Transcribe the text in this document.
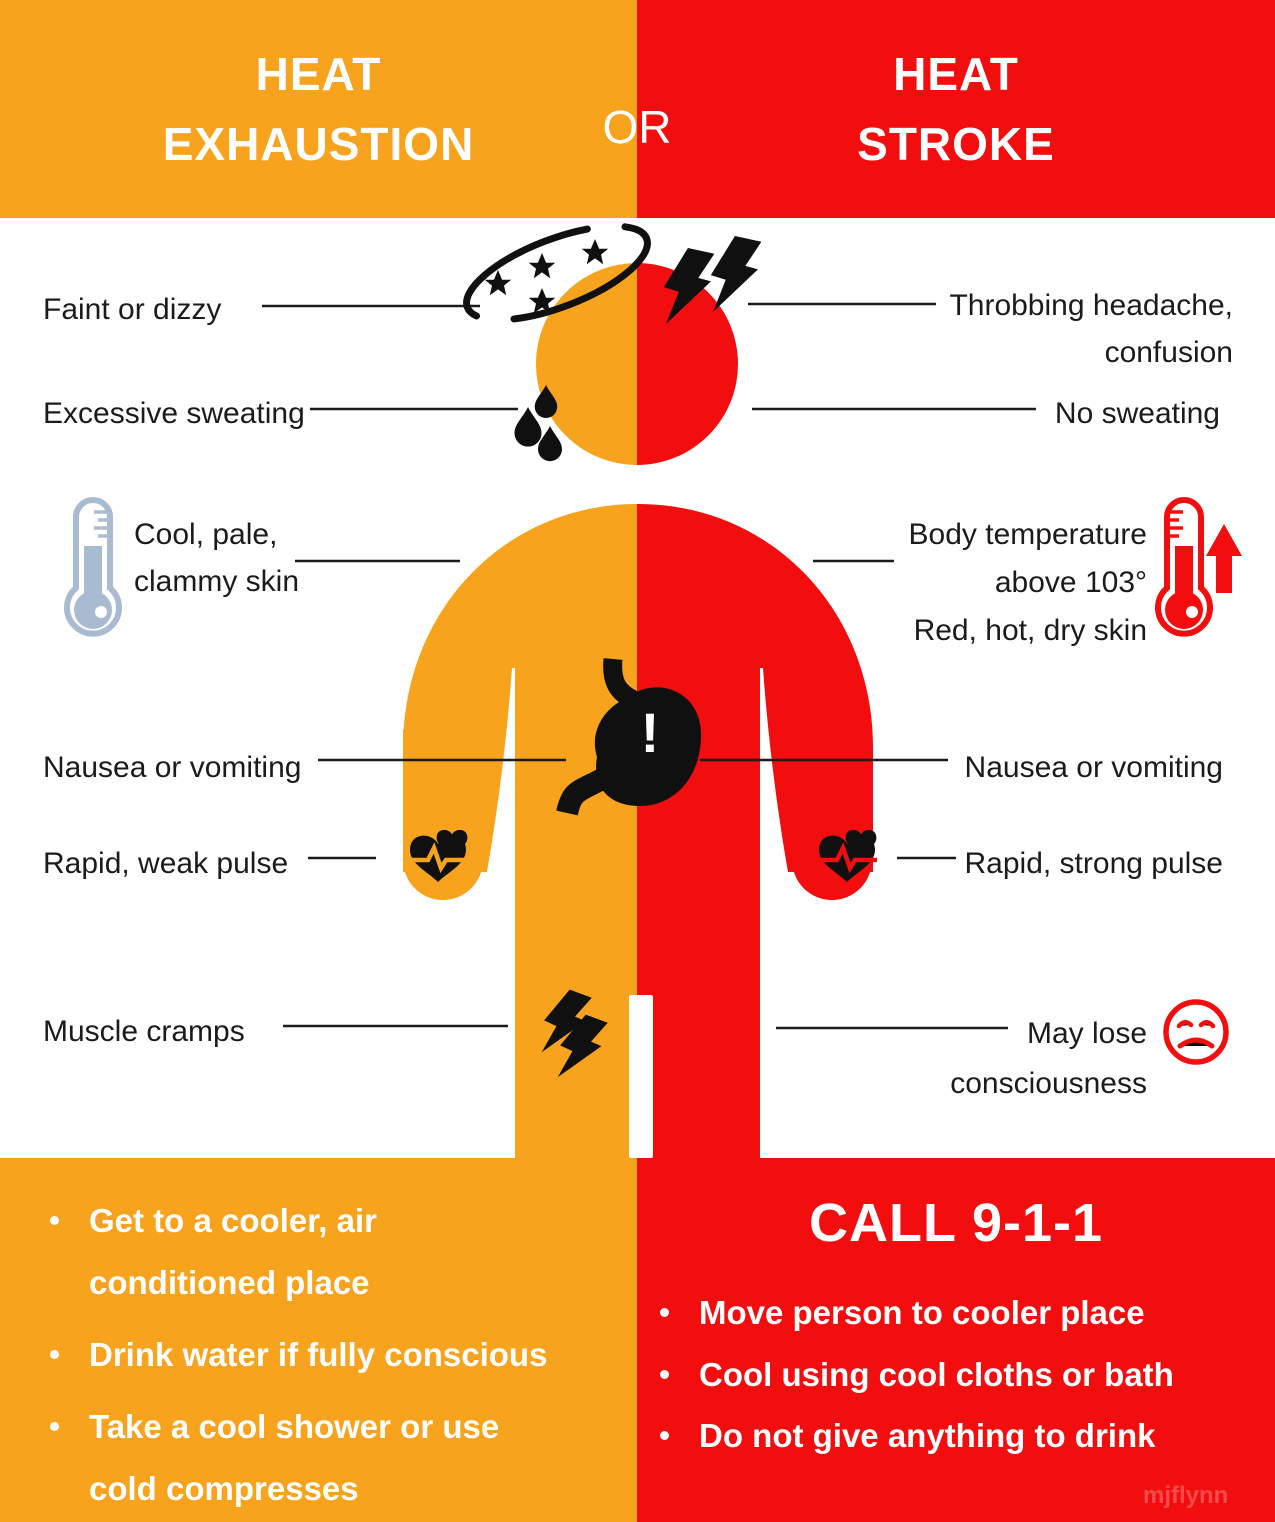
HEAT
EXHAUSTION
HEAT
STROKE
OR
!
Faint or dizzy
Excessive sweating
Cool, pale,
clammy skin
Nausea or vomiting
Rapid, weak pulse
Muscle cramps
Throbbing headache,
confusion
No sweating
Body temperature
above 103°
Red, hot, dry skin
Nausea or vomiting
Rapid, strong pulse
May lose
consciousness
Get to a cooler, air
conditioned place
Drink water if fully conscious
Take a cool shower or use
cold compresses
CALL 9-1-1
Move person to cooler place
Cool using cool cloths or bath
Do not give anything to drink
mjflynn
